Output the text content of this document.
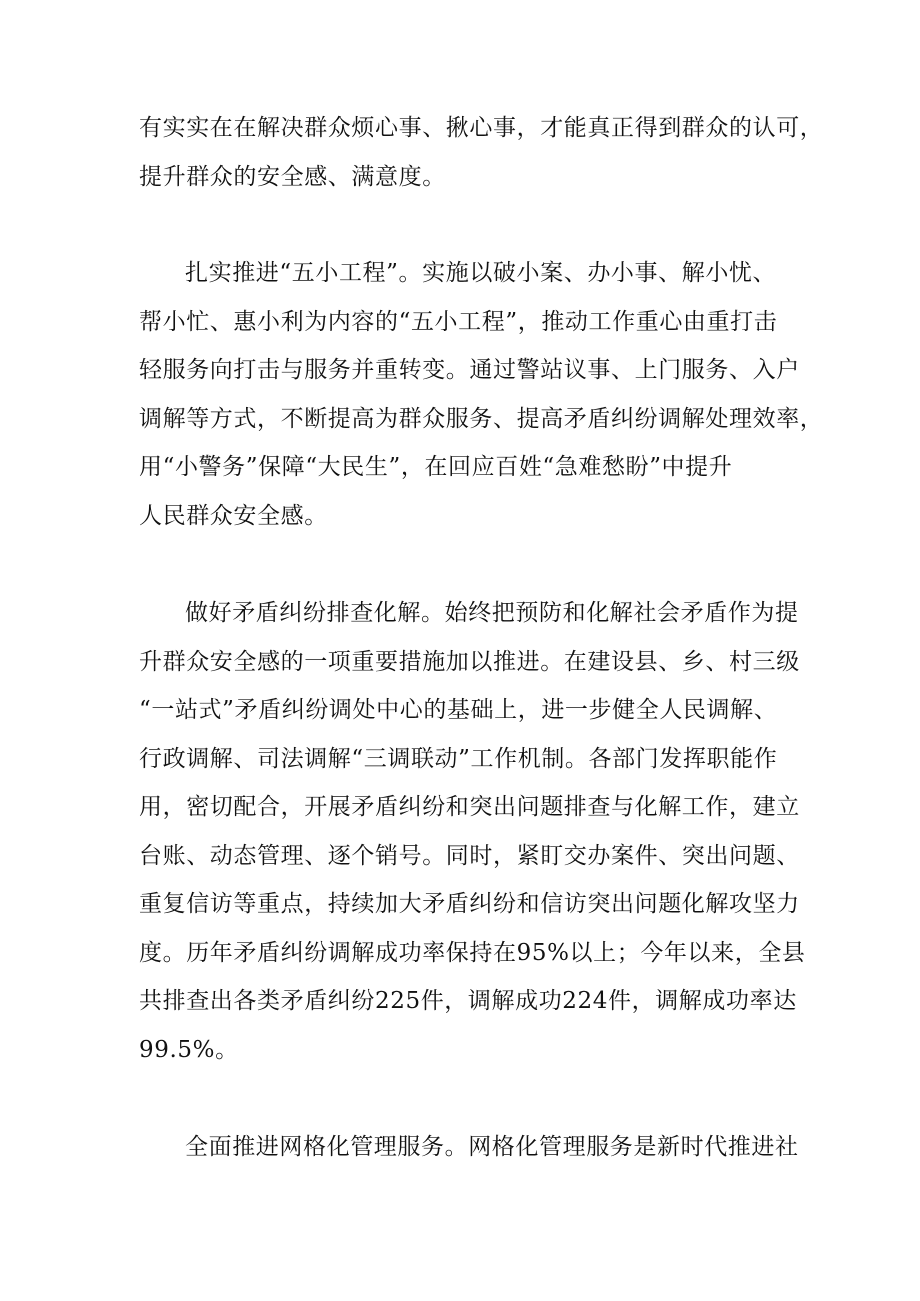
有实实在在解决群众烦心事、揪心事，才能真正得到群众的认可，
提升群众的安全感、满意度。
扎实推进“五小工程”。实施以破小案、办小事、解小忧、
帮小忙、惠小利为内容的“五小工程”，推动工作重心由重打击
轻服务向打击与服务并重转变。通过警站议事、上门服务、入户
调解等方式，不断提高为群众服务、提高矛盾纠纷调解处理效率，
用“小警务”保障“大民生”，在回应百姓“急难愁盼”中提升
人民群众安全感。
做好矛盾纠纷排查化解。始终把预防和化解社会矛盾作为提
升群众安全感的一项重要措施加以推进。在建设县、乡、村三级
“一站式”矛盾纠纷调处中心的基础上，进一步健全人民调解、
行政调解、司法调解“三调联动”工作机制。各部门发挥职能作
用，密切配合，开展矛盾纠纷和突出问题排查与化解工作，建立
台账、动态管理、逐个销号。同时，紧盯交办案件、突出问题、
重复信访等重点，持续加大矛盾纠纷和信访突出问题化解攻坚力
度。历年矛盾纠纷调解成功率保持在95%以上；今年以来，全县
共排查出各类矛盾纠纷225件，调解成功224件，调解成功率达
99.5%。
全面推进网格化管理服务。网格化管理服务是新时代推进社
